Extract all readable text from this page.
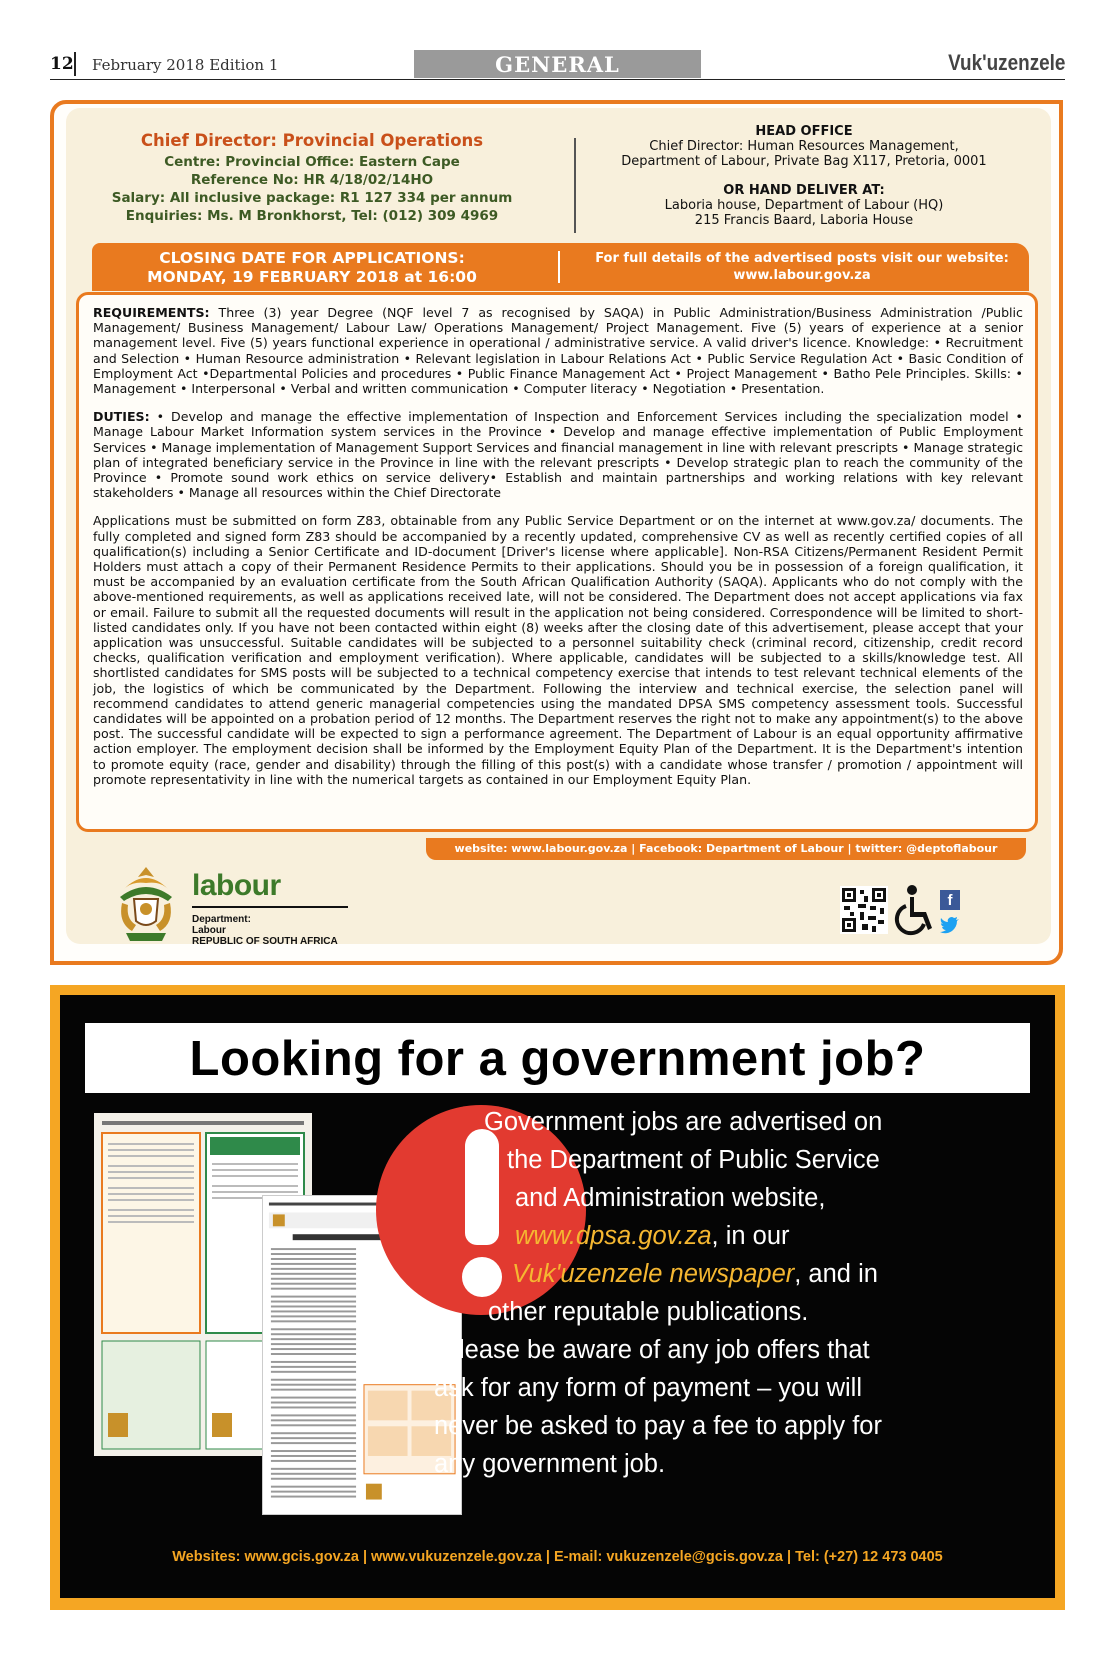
12 February 2018 Edition 1	GENERAL	Vuk'uzenzele
Chief Director: Provincial Operations
Centre: Provincial Office: Eastern Cape
Reference No: HR 4/18/02/14HO
Salary: All inclusive package: R1 127 334 per annum
Enquiries: Ms. M Bronkhorst, Tel: (012) 309 4969
HEAD OFFICE
Chief Director: Human Resources Management,
Department of Labour, Private Bag X117, Pretoria, 0001
OR HAND DELIVER AT:
Laboria house, Department of Labour (HQ)
215 Francis Baard, Laboria House
CLOSING DATE FOR APPLICATIONS:
MONDAY, 19 FEBRUARY 2018 at 16:00
For full details of the advertised posts visit our website:
www.labour.gov.za

REQUIREMENTS: Three (3) year Degree (NQF level 7 as recognised by SAQA) in Public Administration/Business Administration /Public Management/ Business Management/ Labour Law/ Operations Management/ Project Management. Five (5) years of experience at a senior management level. Five (5) years functional experience in operational / administrative service. A valid driver's licence. Knowledge: • Recruitment and Selection • Human Resource administration • Relevant legislation in Labour Relations Act • Public Service Regulation Act • Basic Condition of Employment Act •Departmental Policies and procedures • Public Finance Management Act • Project Management • Batho Pele Principles. Skills: • Management • Interpersonal • Verbal and written communication • Computer literacy • Negotiation • Presentation.

DUTIES: • Develop and manage the effective implementation of Inspection and Enforcement Services including the specialization model • Manage Labour Market Information system services in the Province • Develop and manage effective implementation of Public Employment Services • Manage implementation of Management Support Services and financial management in line with relevant prescripts • Manage strategic plan of integrated beneficiary service in the Province in line with the relevant prescripts • Develop strategic plan to reach the community of the Province • Promote sound work ethics on service delivery• Establish and maintain partnerships and working relations with key relevant stakeholders • Manage all resources within the Chief Directorate

Applications must be submitted on form Z83, obtainable from any Public Service Department or on the internet at www.gov.za/ documents. The fully completed and signed form Z83 should be accompanied by a recently updated, comprehensive CV as well as recently certified copies of all qualification(s) including a Senior Certificate and ID-document [Driver's license where applicable]. Non-RSA Citizens/Permanent Resident Permit Holders must attach a copy of their Permanent Residence Permits to their applications. Should you be in possession of a foreign qualification, it must be accompanied by an evaluation certificate from the South African Qualification Authority (SAQA). Applicants who do not comply with the above-mentioned requirements, as well as applications received late, will not be considered. The Department does not accept applications via fax or email. Failure to submit all the requested documents will result in the application not being considered. Correspondence will be limited to short-listed candidates only. If you have not been contacted within eight (8) weeks after the closing date of this advertisement, please accept that your application was unsuccessful. Suitable candidates will be subjected to a personnel suitability check (criminal record, citizenship, credit record checks, qualification verification and employment verification). Where applicable, candidates will be subjected to a skills/knowledge test. All shortlisted candidates for SMS posts will be subjected to a technical competency exercise that intends to test relevant technical elements of the job, the logistics of which be communicated by the Department. Following the interview and technical exercise, the selection panel will recommend candidates to attend generic managerial competencies using the mandated DPSA SMS competency assessment tools. Successful candidates will be appointed on a probation period of 12 months. The Department reserves the right not to make any appointment(s) to the above post. The successful candidate will be expected to sign a performance agreement. The Department of Labour is an equal opportunity affirmative action employer. The employment decision shall be informed by the Employment Equity Plan of the Department. It is the Department's intention to promote equity (race, gender and disability) through the filling of this post(s) with a candidate whose transfer / promotion / appointment will promote representativity in line with the numerical targets as contained in our Employment Equity Plan.

website: www.labour.gov.za | Facebook: Department of Labour | twitter: @deptoflabour
labour
Department:
Labour
REPUBLIC OF SOUTH AFRICA
f
Looking for a government job?
Government jobs are advertised on
the Department of Public Service
and Administration website,
www.dpsa.gov.za, in our
Vuk'uzenzele newspaper, and in
other reputable publications.
Please be aware of any job offers that
ask for any form of payment – you will
never be asked to pay a fee to apply for
any government job.
Websites: www.gcis.gov.za | www.vukuzenzele.gov.za | E-mail: vukuzenzele@gcis.gov.za | Tel: (+27) 12 473 0405
